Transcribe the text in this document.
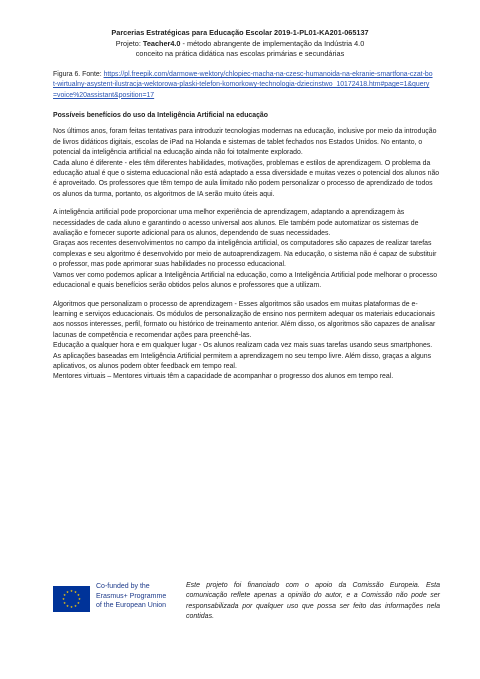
Parcerias Estratégicas para Educação Escolar 2019-1-PL01-KA201-065137
Projeto: Teacher4.0 - método abrangente de implementação da Indústria 4.0
conceito na prática didática nas escolas primárias e secundárias
Figura 6. Fonte: https://pl.freepik.com/darmowe-wektory/chlopiec-macha-na-czesc-humanoida-na-ekranie-smartfona-czat-bot-wirtualny-asystent-ilustracja-wektorowa-plaski-telefon-komorkowy-technologia-dziecinstwo_10172418.htm#page=1&query=voice%20assistant&position=17
Possíveis benefícios do uso da Inteligência Artificial na educação

Nos últimos anos, foram feitas tentativas para introduzir tecnologias modernas na educação, inclusive por meio da introdução de livros didáticos digitais, escolas de iPad na Holanda e sistemas de tablet fechados nos Estados Unidos. No entanto, o potencial da inteligência artificial na educação ainda não foi totalmente explorado.

Cada aluno é diferente - eles têm diferentes habilidades, motivações, problemas e estilos de aprendizagem. O problema da educação atual é que o sistema educacional não está adaptado a essa diversidade e muitas vezes o potencial dos alunos não é aproveitado. Os professores que têm tempo de aula limitado não podem personalizar o processo de aprendizado de todos os alunos da turma, portanto, os algoritmos de IA serão muito úteis aqui.

A inteligência artificial pode proporcionar uma melhor experiência de aprendizagem, adaptando a aprendizagem às necessidades de cada aluno e garantindo o acesso universal aos alunos. Ele também pode automatizar os sistemas de avaliação e fornecer suporte adicional para os alunos, dependendo de suas necessidades.

Graças aos recentes desenvolvimentos no campo da inteligência artificial, os computadores são capazes de realizar tarefas complexas e seu algoritmo é desenvolvido por meio de autoaprendizagem. Na educação, o sistema não é capaz de substituir o professor, mas pode aprimorar suas habilidades no processo educacional.

Vamos ver como podemos aplicar a Inteligência Artificial na educação, como a Inteligência Artificial pode melhorar o processo educacional e quais benefícios serão obtidos pelos alunos e professores que a utilizam.

Algoritmos que personalizam o processo de aprendizagem - Esses algoritmos são usados em muitas plataformas de e-learning e serviços educacionais. Os módulos de personalização de ensino nos permitem adequar os materiais educacionais aos nossos interesses, perfil, formato ou histórico de treinamento anterior. Além disso, os algoritmos são capazes de analisar lacunas de competência e recomendar ações para preenchê-las.

Educação a qualquer hora e em qualquer lugar - Os alunos realizam cada vez mais suas tarefas usando seus smartphones. As aplicações baseadas em Inteligência Artificial permitem a aprendizagem no seu tempo livre. Além disso, graças a alguns aplicativos, os alunos podem obter feedback em tempo real.

Mentores virtuais – Mentores virtuais têm a capacidade de acompanhar o progresso dos alunos em tempo real.

Co-funded by the
Erasmus+ Programme
of the European Union
Este projeto foi financiado com o apoio da Comissão Europeia. Esta comunicação reflete apenas a opinião do autor, e a Comissão não pode ser responsabilizada por qualquer uso que possa ser feito das informações nela contidas.
